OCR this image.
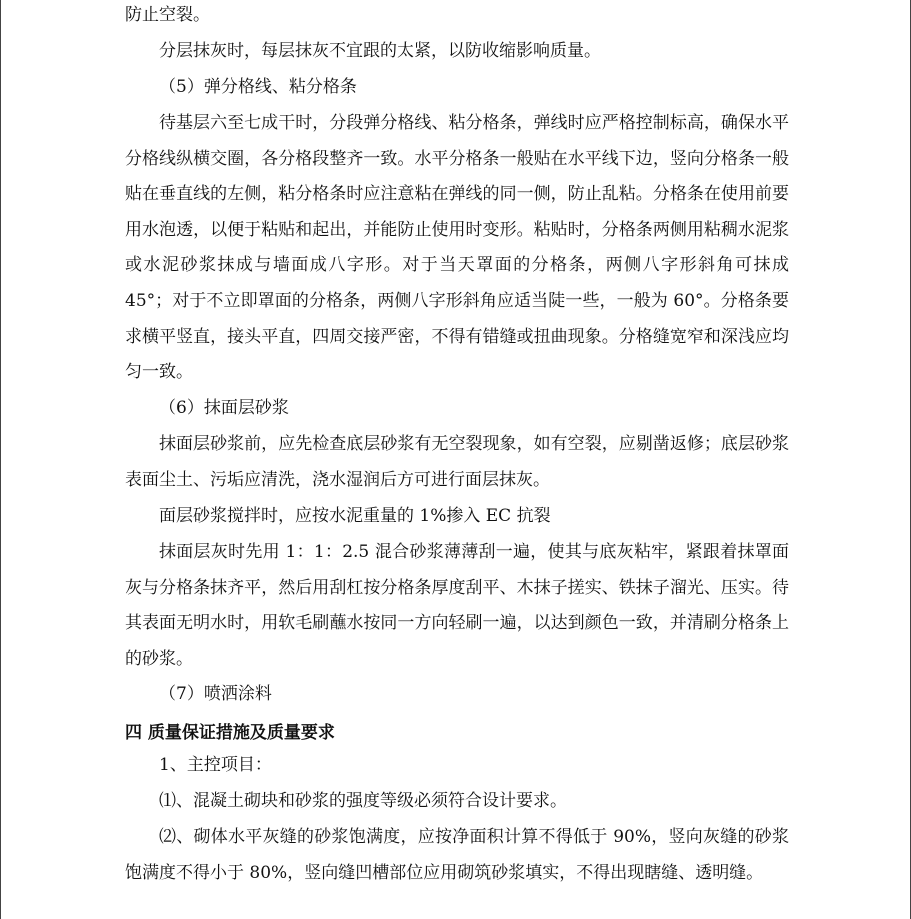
防止空裂。

分层抹灰时，每层抹灰不宜跟的太紧，以防收缩影响质量。

（5）弹分格线、粘分格条

待基层六至七成干时，分段弹分格线、粘分格条，弹线时应严格控制标高，确保水平分格线纵横交圈，各分格段整齐一致。水平分格条一般贴在水平线下边，竖向分格条一般贴在垂直线的左侧，粘分格条时应注意粘在弹线的同一侧，防止乱粘。分格条在使用前要用水泡透，以便于粘贴和起出，并能防止使用时变形。粘贴时，分格条两侧用粘稠水泥浆或水泥砂浆抹成与墙面成八字形。对于当天罩面的分格条，两侧八字形斜角可抹成 45°；对于不立即罩面的分格条，两侧八字形斜角应适当陡一些，一般为 60°。分格条要求横平竖直，接头平直，四周交接严密，不得有错缝或扭曲现象。分格缝宽窄和深浅应均匀一致。

（6）抹面层砂浆

抹面层砂浆前，应先检查底层砂浆有无空裂现象，如有空裂，应剔凿返修；底层砂浆表面尘土、污垢应清洗，浇水湿润后方可进行面层抹灰。

面层砂浆搅拌时，应按水泥重量的 1%掺入 EC 抗裂

抹面层灰时先用 1：1：2.5 混合砂浆薄薄刮一遍，使其与底灰粘牢，紧跟着抹罩面灰与分格条抹齐平，然后用刮杠按分格条厚度刮平、木抹子搓实、铁抹子溜光、压实。待其表面无明水时，用软毛刷蘸水按同一方向轻刷一遍，以达到颜色一致，并清刷分格条上的砂浆。

（7）喷洒涂料

四 质量保证措施及质量要求

1、主控项目：

⑴、混凝土砌块和砂浆的强度等级必须符合设计要求。

⑵、砌体水平灰缝的砂浆饱满度，应按净面积计算不得低于 90%，竖向灰缝的砂浆饱满度不得小于 80%，竖向缝凹槽部位应用砌筑砂浆填实，不得出现瞎缝、透明缝。
